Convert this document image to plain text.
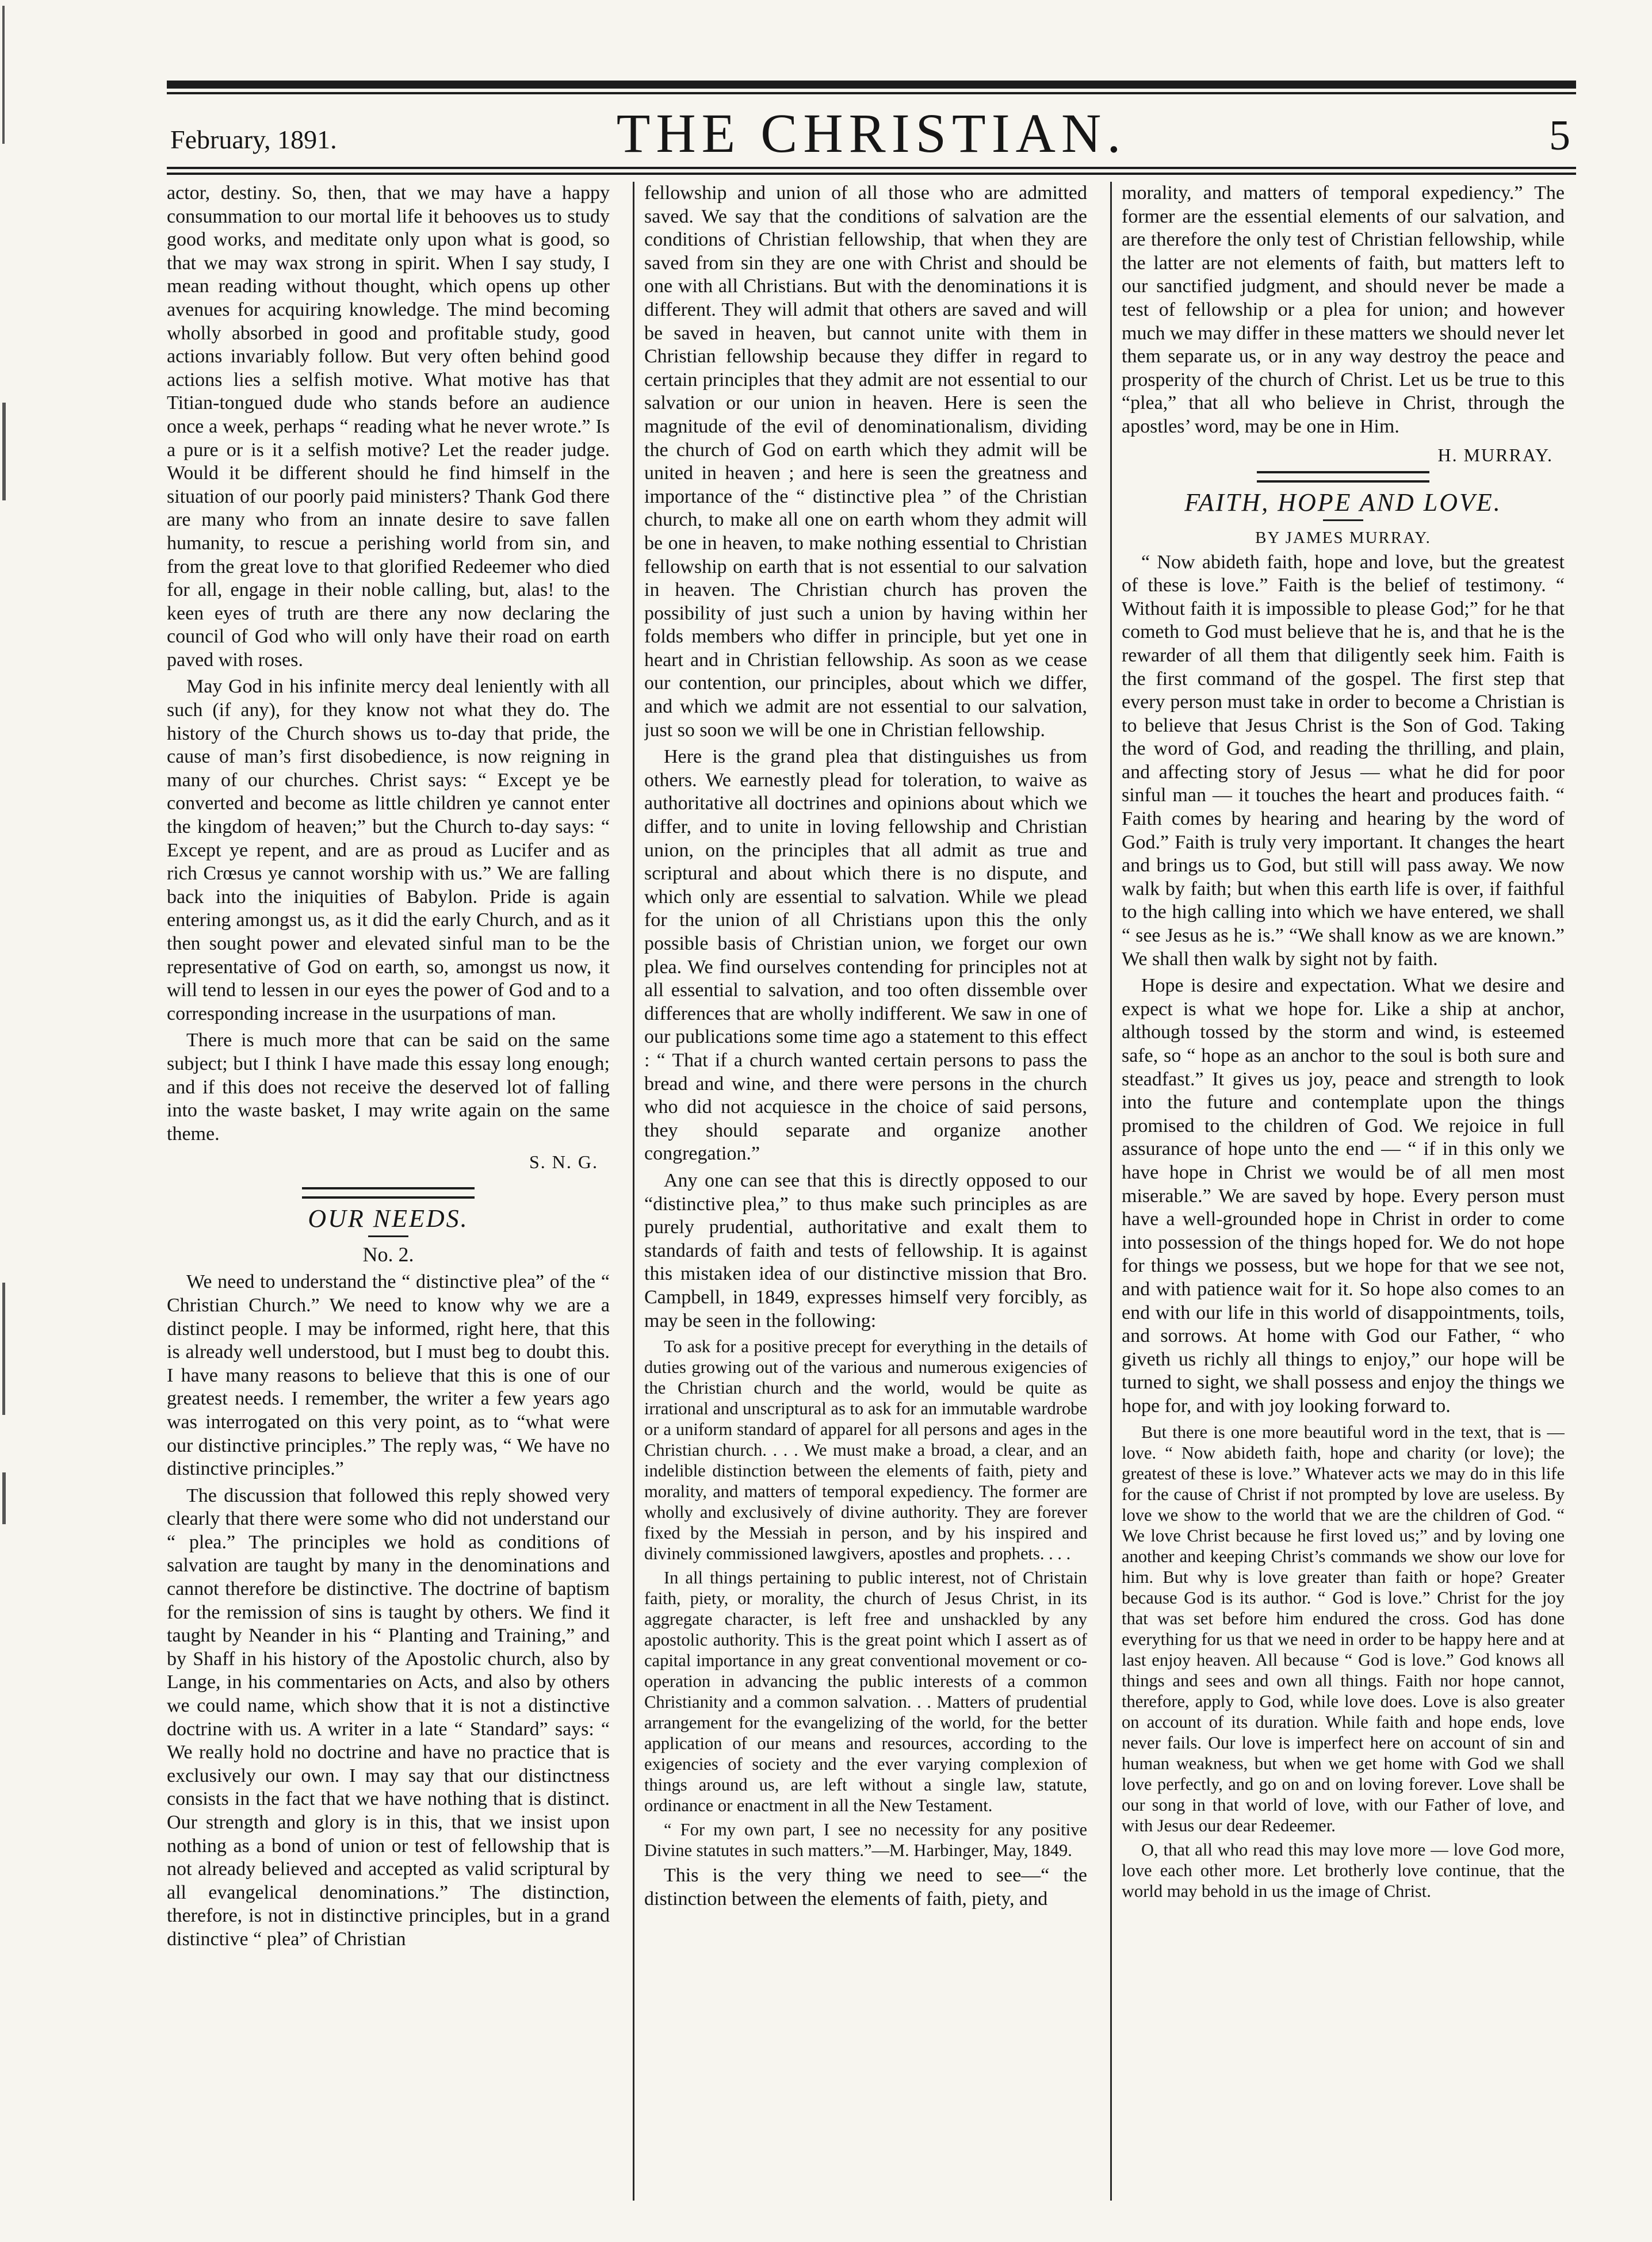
February, 1891.	THE CHRISTIAN.	5

actor, destiny. So, then, that we may have a happy consummation to our mortal life it behooves us to study good works, and meditate only upon what is good, so that we may wax strong in spirit. When I say study, I mean reading without thought, which opens up other avenues for acquiring knowledge. The mind becoming wholly absorbed in good and profitable study, good actions invariably follow. But very often behind good actions lies a selfish motive. What motive has that Titian-tongued dude who stands before an audience once a week, perhaps “ reading what he never wrote.” Is a pure or is it a selfish motive? Let the reader judge. Would it be different should he find himself in the situation of our poorly paid ministers? Thank God there are many who from an innate desire to save fallen humanity, to rescue a perishing world from sin, and from the great love to that glorified Redeemer who died for all, engage in their noble calling, but, alas! to the keen eyes of truth are there any now declaring the council of God who will only have their road on earth paved with roses.

May God in his infinite mercy deal leniently with all such (if any), for they know not what they do. The history of the Church shows us to-day that pride, the cause of man’s first disobedience, is now reigning in many of our churches. Christ says: “ Except ye be converted and become as little children ye cannot enter the kingdom of heaven;” but the Church to-day says: “ Except ye repent, and are as proud as Lucifer and as rich Crœsus ye cannot worship with us.” We are falling back into the iniquities of Babylon. Pride is again entering amongst us, as it did the early Church, and as it then sought power and elevated sinful man to be the representative of God on earth, so, amongst us now, it will tend to lessen in our eyes the power of God and to a corresponding increase in the usurpations of man.

There is much more that can be said on the same subject; but I think I have made this essay long enough; and if this does not receive the deserved lot of falling into the waste basket, I may write again on the same theme.

S. N. G.
OUR NEEDS.
No. 2.

We need to understand the “ distinctive plea” of the “ Christian Church.” We need to know why we are a distinct people. I may be informed, right here, that this is already well understood, but I must beg to doubt this. I have many reasons to believe that this is one of our greatest needs. I remember, the writer a few years ago was interrogated on this very point, as to “what were our distinctive principles.” The reply was, “ We have no distinctive principles.”

The discussion that followed this reply showed very clearly that there were some who did not understand our “ plea.” The principles we hold as conditions of salvation are taught by many in the denominations and cannot therefore be distinctive. The doctrine of baptism for the remission of sins is taught by others. We find it taught by Neander in his “ Planting and Training,” and by Shaff in his history of the Apostolic church, also by Lange, in his commentaries on Acts, and also by others we could name, which show that it is not a distinctive doctrine with us. A writer in a late “ Standard” says: “ We really hold no doctrine and have no practice that is exclusively our own. I may say that our distinctness consists in the fact that we have nothing that is distinct. Our strength and glory is in this, that we insist upon nothing as a bond of union or test of fellowship that is not already believed and accepted as valid scriptural by all evangelical denominations.” The distinction, therefore, is not in distinctive principles, but in a grand distinctive “ plea” of Christian

fellowship and union of all those who are admitted saved. We say that the conditions of salvation are the conditions of Christian fellowship, that when they are saved from sin they are one with Christ and should be one with all Christians. But with the denominations it is different. They will admit that others are saved and will be saved in heaven, but cannot unite with them in Christian fellowship because they differ in regard to certain principles that they admit are not essential to our salvation or our union in heaven. Here is seen the magnitude of the evil of denominationalism, dividing the church of God on earth which they admit will be united in heaven ; and here is seen the greatness and importance of the “ distinctive plea ” of the Christian church, to make all one on earth whom they admit will be one in heaven, to make nothing essential to Christian fellowship on earth that is not essential to our salvation in heaven. The Christian church has proven the possibility of just such a union by having within her folds members who differ in principle, but yet one in heart and in Christian fellowship. As soon as we cease our contention, our principles, about which we differ, and which we admit are not essential to our salvation, just so soon we will be one in Christian fellowship.

Here is the grand plea that distinguishes us from others. We earnestly plead for toleration, to waive as authoritative all doctrines and opinions about which we differ, and to unite in loving fellowship and Christian union, on the principles that all admit as true and scriptural and about which there is no dispute, and which only are essential to salvation. While we plead for the union of all Christians upon this the only possible basis of Christian union, we forget our own plea. We find ourselves contending for principles not at all essential to salvation, and too often dissemble over differences that are wholly indifferent. We saw in one of our publications some time ago a statement to this effect : “ That if a church wanted certain persons to pass the bread and wine, and there were persons in the church who did not acquiesce in the choice of said persons, they should separate and organize another congregation.”

Any one can see that this is directly opposed to our “distinctive plea,” to thus make such principles as are purely prudential, authoritative and exalt them to standards of faith and tests of fellowship. It is against this mistaken idea of our distinctive mission that Bro. Campbell, in 1849, expresses himself very forcibly, as may be seen in the following:

To ask for a positive precept for everything in the details of duties growing out of the various and numerous exigencies of the Christian church and the world, would be quite as irrational and unscriptural as to ask for an immutable wardrobe or a uniform standard of apparel for all persons and ages in the Christian church. . . . We must make a broad, a clear, and an indelible distinction between the elements of faith, piety and morality, and matters of temporal expediency. The former are wholly and exclusively of divine authority. They are forever fixed by the Messiah in person, and by his inspired and divinely commissioned lawgivers, apostles and prophets. . . .

In all things pertaining to public interest, not of Christain faith, piety, or morality, the church of Jesus Christ, in its aggregate character, is left free and unshackled by any apostolic authority. This is the great point which I assert as of capital importance in any great conventional movement or co-operation in advancing the public interests of a common Christianity and a common salvation. . . Matters of prudential arrangement for the evangelizing of the world, for the better application of our means and resources, according to the exigencies of society and the ever varying complexion of things around us, are left without a single law, statute, ordinance or enactment in all the New Testament.

“ For my own part, I see no necessity for any positive Divine statutes in such matters.”—M. Harbinger, May, 1849.

This is the very thing we need to see—“ the distinction between the elements of faith, piety, and

morality, and matters of temporal expediency.” The former are the essential elements of our salvation, and are therefore the only test of Christian fellowship, while the latter are not elements of faith, but matters left to our sanctified judgment, and should never be made a test of fellowship or a plea for union; and however much we may differ in these matters we should never let them separate us, or in any way destroy the peace and prosperity of the church of Christ. Let us be true to this “plea,” that all who believe in Christ, through the apostles’ word, may be one in Him.

H. MURRAY.
FAITH, HOPE AND LOVE.
BY JAMES MURRAY.

“ Now abideth faith, hope and love, but the greatest of these is love.” Faith is the belief of testimony. “ Without faith it is impossible to please God;” for he that cometh to God must believe that he is, and that he is the rewarder of all them that diligently seek him. Faith is the first command of the gospel. The first step that every person must take in order to become a Christian is to believe that Jesus Christ is the Son of God. Taking the word of God, and reading the thrilling, and plain, and affecting story of Jesus — what he did for poor sinful man — it touches the heart and produces faith. “ Faith comes by hearing and hearing by the word of God.” Faith is truly very important. It changes the heart and brings us to God, but still will pass away. We now walk by faith; but when this earth life is over, if faithful to the high calling into which we have entered, we shall “ see Jesus as he is.” “We shall know as we are known.” We shall then walk by sight not by faith.

Hope is desire and expectation. What we desire and expect is what we hope for. Like a ship at anchor, although tossed by the storm and wind, is esteemed safe, so “ hope as an anchor to the soul is both sure and steadfast.” It gives us joy, peace and strength to look into the future and contemplate upon the things promised to the children of God. We rejoice in full assurance of hope unto the end — “ if in this only we have hope in Christ we would be of all men most miserable.” We are saved by hope. Every person must have a well-grounded hope in Christ in order to come into possession of the things hoped for. We do not hope for things we possess, but we hope for that we see not, and with patience wait for it. So hope also comes to an end with our life in this world of disappointments, toils, and sorrows. At home with God our Father, “ who giveth us richly all things to enjoy,” our hope will be turned to sight, we shall possess and enjoy the things we hope for, and with joy looking forward to.

But there is one more beautiful word in the text, that is — love. “ Now abideth faith, hope and charity (or love); the greatest of these is love.” Whatever acts we may do in this life for the cause of Christ if not prompted by love are useless. By love we show to the world that we are the children of God. “ We love Christ because he first loved us;” and by loving one another and keeping Christ’s commands we show our love for him. But why is love greater than faith or hope? Greater because God is its author. “ God is love.” Christ for the joy that was set before him endured the cross. God has done everything for us that we need in order to be happy here and at last enjoy heaven. All because “ God is love.” God knows all things and sees and own all things. Faith nor hope cannot, therefore, apply to God, while love does. Love is also greater on account of its duration. While faith and hope ends, love never fails. Our love is imperfect here on account of sin and human weakness, but when we get home with God we shall love perfectly, and go on and on loving forever. Love shall be our song in that world of love, with our Father of love, and with Jesus our dear Redeemer.

O, that all who read this may love more — love God more, love each other more. Let brotherly love continue, that the world may behold in us the image of Christ.
